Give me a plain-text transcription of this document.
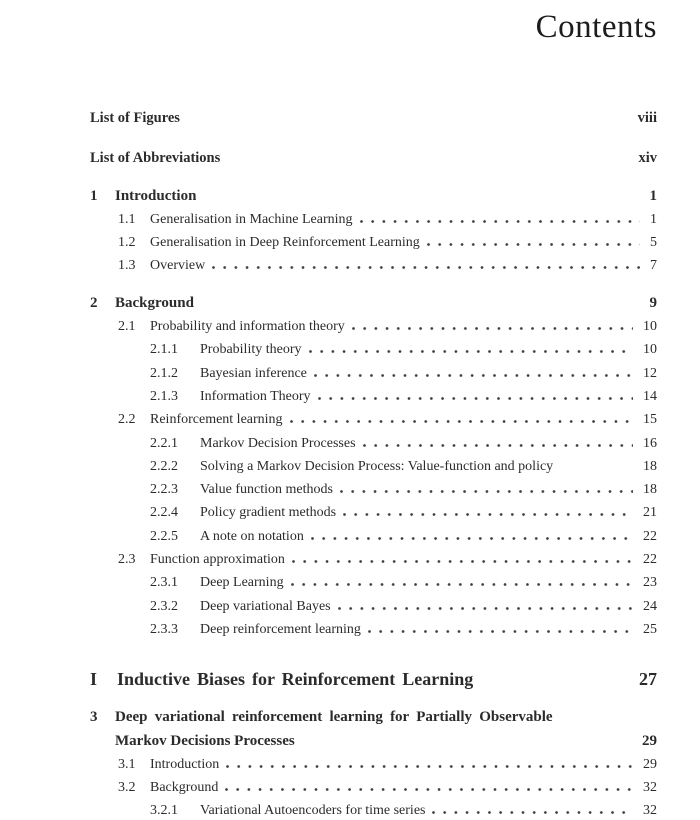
Contents
List of Figures	viii
List of Abbreviations	xiv
1	Introduction	1
1.1	Generalisation in Machine Learning	1
1.2	Generalisation in Deep Reinforcement Learning	5
1.3	Overview	7
2	Background	9
2.1	Probability and information theory	10
2.1.1	Probability theory	10
2.1.2	Bayesian inference	12
2.1.3	Information Theory	14
2.2	Reinforcement learning	15
2.2.1	Markov Decision Processes	16
2.2.2	Solving a Markov Decision Process: Value-function and policy	18
2.2.3	Value function methods	18
2.2.4	Policy gradient methods	21
2.2.5	A note on notation	22
2.3	Function approximation	22
2.3.1	Deep Learning	23
2.3.2	Deep variational Bayes	24
2.3.3	Deep reinforcement learning	25
I	Inductive Biases for Reinforcement Learning	27
3	Deep variational reinforcement learning for Partially Observable
Markov Decisions Processes	29
3.1	Introduction	29
3.2	Background	32
3.2.1	Variational Autoencoders for time series	32
